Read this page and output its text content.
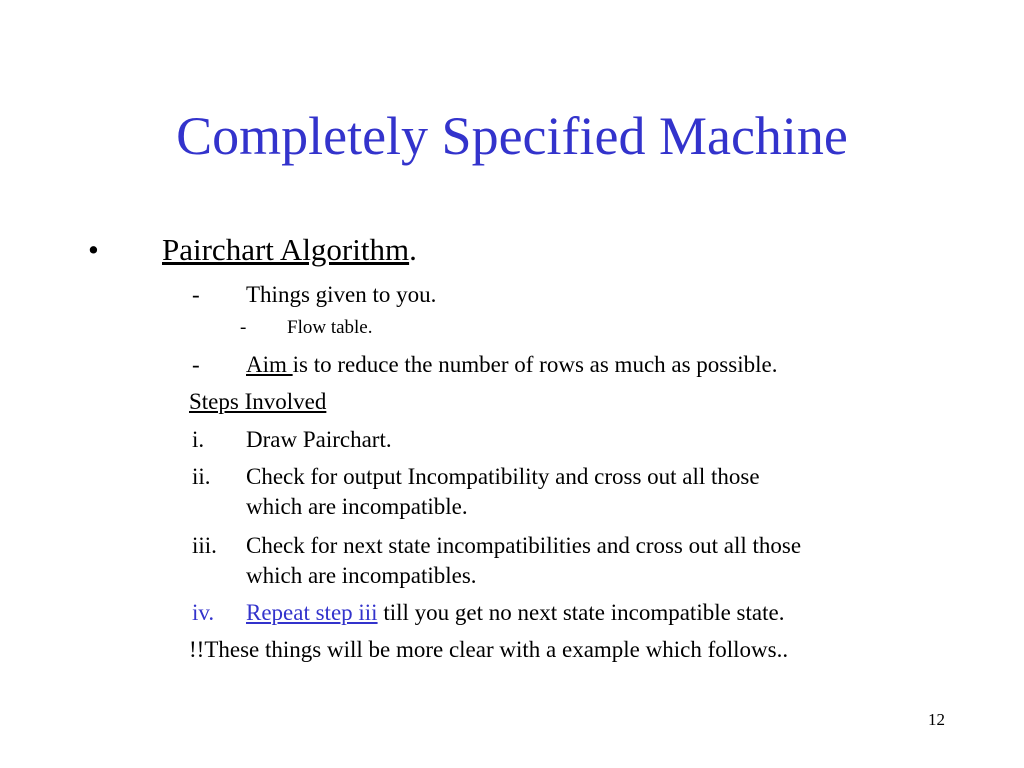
Completely Specified Machine
• Pairchart Algorithm.
- Things given to you.
- Flow table.
- Aim is to reduce the number of rows as much as possible.
Steps Involved
i. Draw Pairchart.
ii. Check for output Incompatibility and cross out all those
which are incompatible.
iii. Check for next state incompatibilities and cross out all those
which are incompatibles.
iv. Repeat step iii till you get no next state incompatible state.
!!These things will be more clear with a example which follows..
12
